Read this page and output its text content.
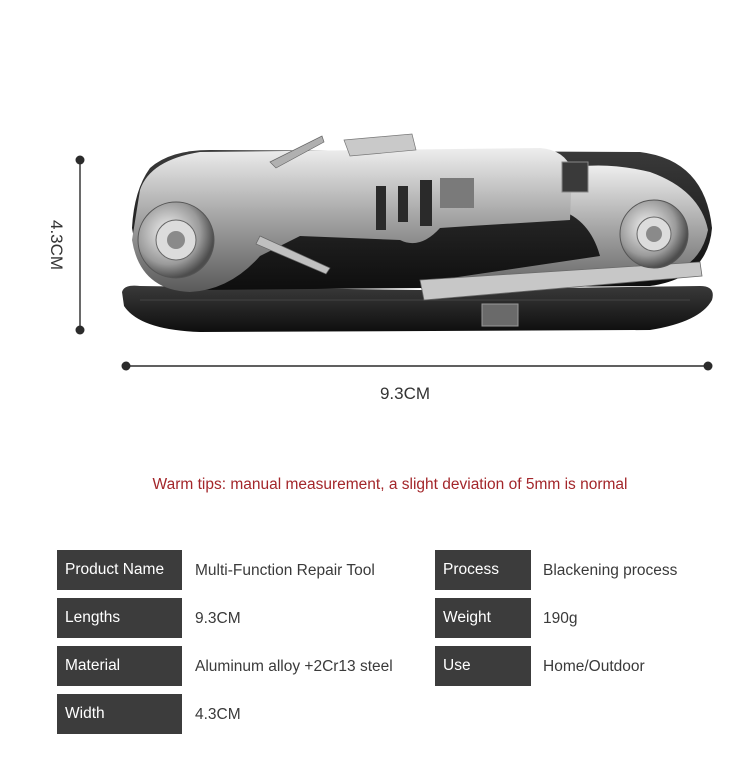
4.3CM
9.3CM
Warm tips: manual measurement, a slight deviation of 5mm is normal
Product Name	Multi-Function Repair Tool
Lengths	9.3CM
Material	Aluminum alloy +2Cr13 steel
Width	4.3CM
Process	Blackening process
Weight	190g
Use	Home/Outdoor
